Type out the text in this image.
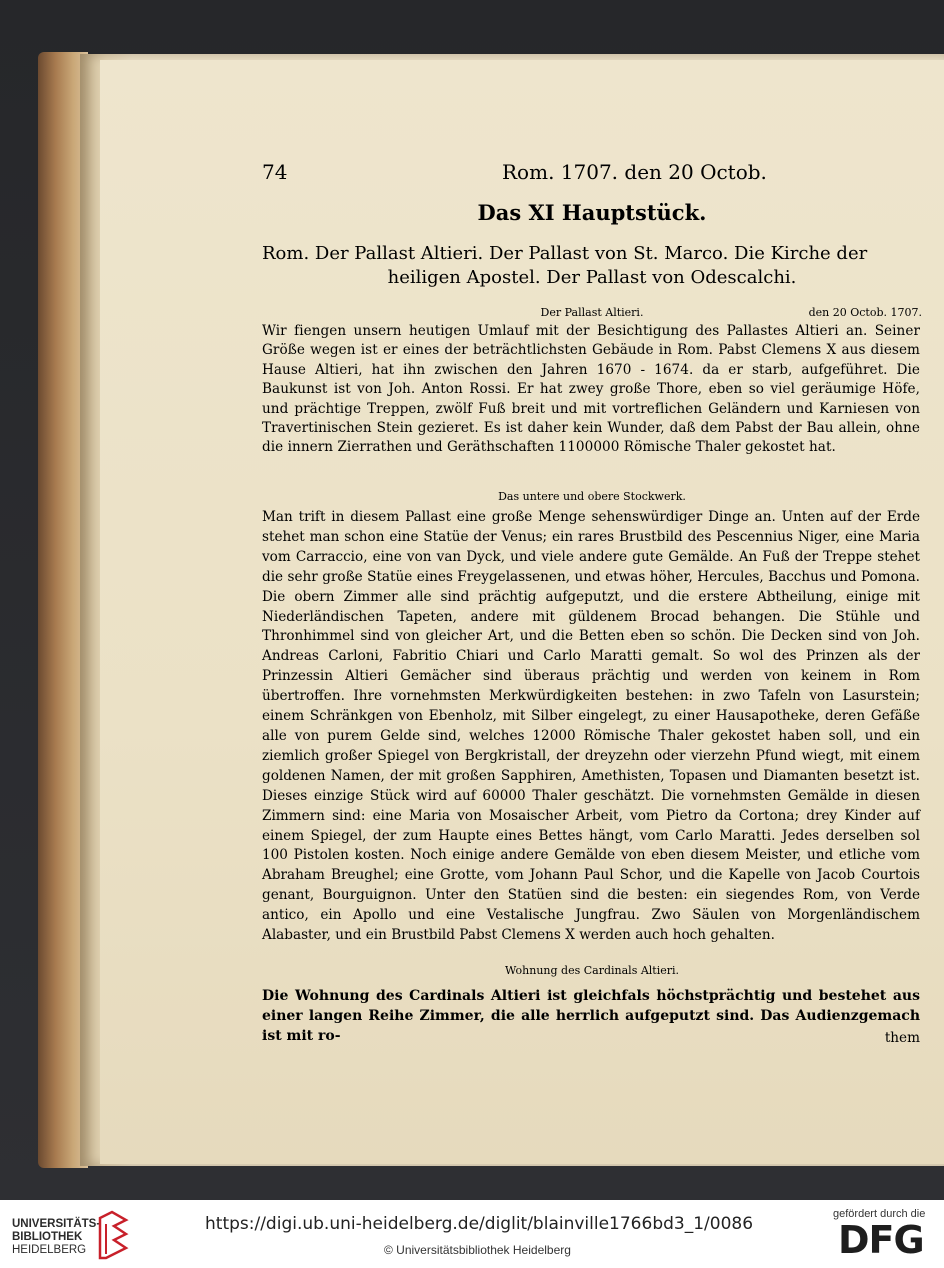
74	Rom. 1707. den 20 Octob.
Das XI Hauptstück.
Rom. Der Pallast Altieri. Der Pallast von St. Marco. Die Kirche der
heiligen Apostel. Der Pallast von Odescalchi.
Der Pallast Altieri.	den 20 Octob. 1707.
Wir fiengen unsern heutigen Umlauf mit der Besichtigung des Pallastes Altieri an. Seiner Größe wegen ist er eines der beträchtlichsten Gebäude in Rom. Pabst Clemens X aus diesem Hause Altieri, hat ihn zwischen den Jahren 1670 - 1674. da er starb, aufgeführet. Die Baukunst ist von Joh. Anton Rossi. Er hat zwey große Thore, eben so viel geräumige Höfe, und prächtige Treppen, zwölf Fuß breit und mit vortreflichen Geländern und Karniesen von Travertinischen Stein gezieret. Es ist daher kein Wunder, daß dem Pabst der Bau allein, ohne die innern Zierrathen und Geräthschaften 1100000 Römische Thaler gekostet hat.
Das untere und obere Stockwerk.
Man trift in diesem Pallast eine große Menge sehenswürdiger Dinge an. Unten auf der Erde stehet man schon eine Statüe der Venus; ein rares Brustbild des Pescennius Niger, eine Maria vom Carraccio, eine von van Dyck, und viele andere gute Gemälde. An Fuß der Treppe stehet die sehr große Statüe eines Freygelassenen, und etwas höher, Hercules, Bacchus und Pomona. Die obern Zimmer alle sind prächtig aufgeputzt, und die erstere Abtheilung, einige mit Niederländischen Tapeten, andere mit güldenem Brocad behangen. Die Stühle und Thronhimmel sind von gleicher Art, und die Betten eben so schön. Die Decken sind von Joh. Andreas Carloni, Fabritio Chiari und Carlo Maratti gemalt. So wol des Prinzen als der Prinzessin Altieri Gemächer sind überaus prächtig und werden von keinem in Rom übertroffen. Ihre vornehmsten Merkwürdigkeiten bestehen: in zwo Tafeln von Lasurstein; einem Schränkgen von Ebenholz, mit Silber eingelegt, zu einer Hausapotheke, deren Gefäße alle von purem Gelde sind, welches 12000 Römische Thaler gekostet haben soll, und ein ziemlich großer Spiegel von Bergkristall, der dreyzehn oder vierzehn Pfund wiegt, mit einem goldenen Namen, der mit großen Sapphiren, Amethisten, Topasen und Diamanten besetzt ist. Dieses einzige Stück wird auf 60000 Thaler geschätzt. Die vornehmsten Gemälde in diesen Zimmern sind: eine Maria von Mosaischer Arbeit, vom Pietro da Cortona; drey Kinder auf einem Spiegel, der zum Haupte eines Bettes hängt, vom Carlo Maratti. Jedes derselben sol 100 Pistolen kosten. Noch einige andere Gemälde von eben diesem Meister, und etliche vom Abraham Breughel; eine Grotte, vom Johann Paul Schor, und die Kapelle von Jacob Courtois genant, Bourguignon. Unter den Statüen sind die besten: ein siegendes Rom, von Verde antico, ein Apollo und eine Vestalische Jungfrau. Zwo Säulen von Morgenländischem Alabaster, und ein Brustbild Pabst Clemens X werden auch hoch gehalten.
Wohnung des Cardinals Altieri.
Die Wohnung des Cardinals Altieri ist gleichfals höchstprächtig und bestehet aus einer langen Reihe Zimmer, die alle herrlich aufgeputzt sind. Das Audienzgemach ist mit ro-	them
UNIVERSITÄTS-
BIBLIOTHEK
HEIDELBERG
https://digi.ub.uni-heidelberg.de/diglit/blainville1766bd3_1/0086
© Universitätsbibliothek Heidelberg
gefördert durch die
DFG
